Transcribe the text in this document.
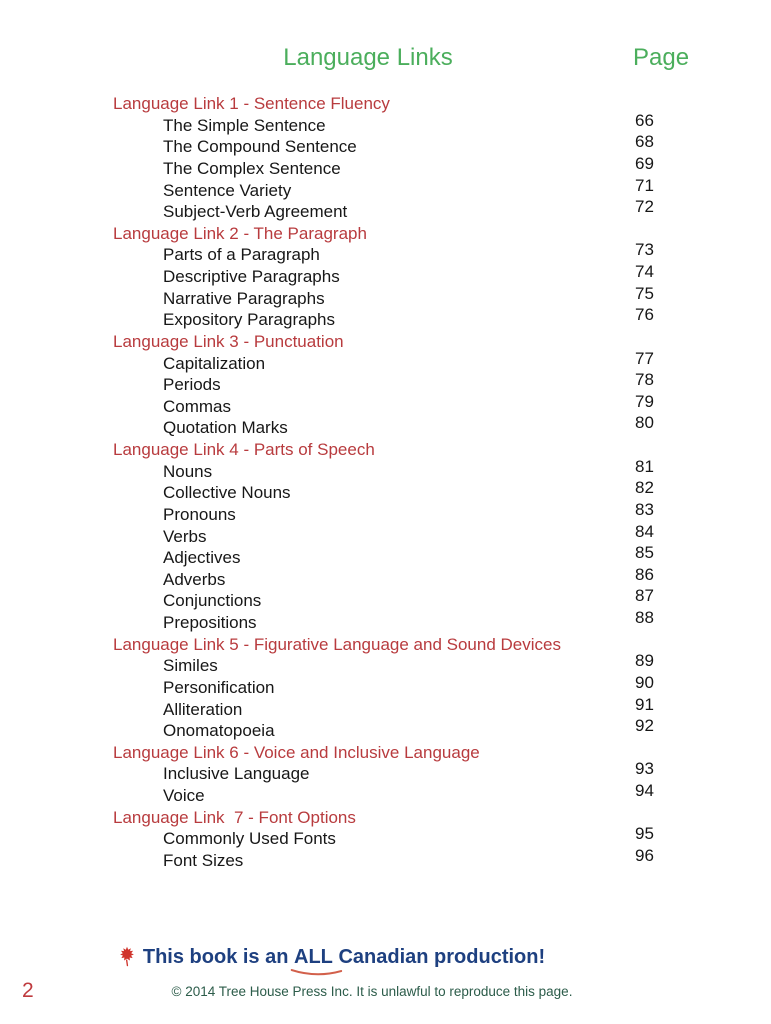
Language Links	Page
Language Link 1 - Sentence Fluency
The Simple Sentence	66
The Compound Sentence	68
The Complex Sentence	69
Sentence Variety	71
Subject-Verb Agreement	72
Language Link 2 - The Paragraph
Parts of a Paragraph	73
Descriptive Paragraphs	74
Narrative Paragraphs	75
Expository Paragraphs	76
Language Link 3 - Punctuation
Capitalization	77
Periods	78
Commas	79
Quotation Marks	80
Language Link 4 - Parts of Speech
Nouns	81
Collective Nouns	82
Pronouns	83
Verbs	84
Adjectives	85
Adverbs	86
Conjunctions	87
Prepositions	88
Language Link 5 - Figurative Language and Sound Devices
Similes	89
Personification	90
Alliteration	91
Onomatopoeia	92
Language Link 6 - Voice and Inclusive Language
Inclusive Language	93
Voice	94
Language Link  7 - Font Options
Commonly Used Fonts	95
Font Sizes	96
This book is an ALL
Canadian production!
© 2014 Tree House Press Inc. It is unlawful to reproduce this page.
2
